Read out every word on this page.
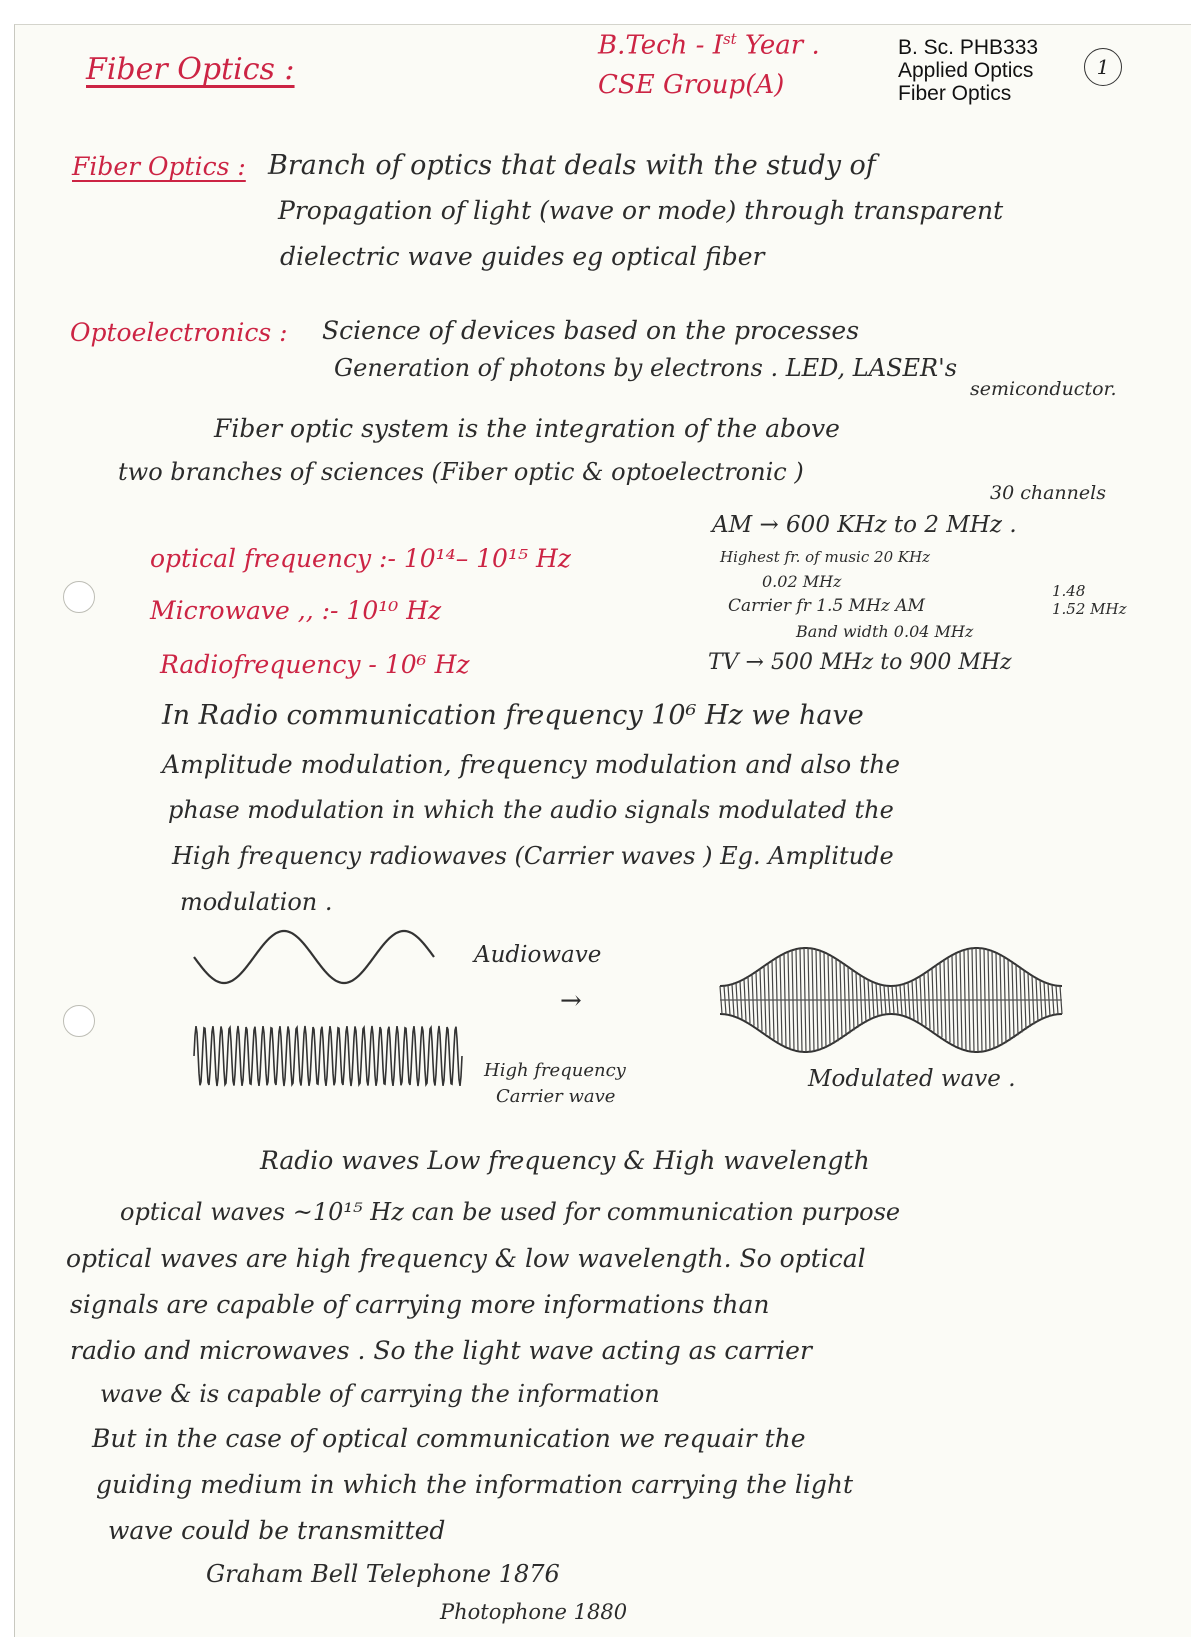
Fiber Optics :
B.Tech - Ist Year .
CSE Group(A)
B. Sc. PHB333
Applied Optics
Fiber Optics
1
Fiber Optics : Branch of optics that deals with the study of
Propagation of light (wave or mode) through transparent
dielectric wave guides eg optical fiber
Optoelectronics : Science of devices based on the processes
Generation of photons by electrons . LED, LASER's
semiconductor.
Fiber optic system is the integration of the above
two branches of sciences (Fiber optic & optoelectronic )
optical frequency :- 10¹⁴– 10¹⁵ Hz
Microwave ,, :- 10¹⁰ Hz
Radiofrequency - 10⁶ Hz
30 channels
AM → 600 KHz to 2 MHz .
Highest fr. of music 20 KHz
0.02 MHz
Carrier fr 1.5 MHz AM
1.48
1.52 MHz
Band width 0.04 MHz
TV → 500 MHz to 900 MHz
In Radio communication frequency 10⁶ Hz we have
Amplitude modulation, frequency modulation and also the
phase modulation in which the audio signals modulated the
High frequency radiowaves (Carrier waves ) Eg. Amplitude
modulation .
Audiowave
→
High frequency
Carrier wave
Modulated wave .
Radio waves Low frequency & High wavelength
optical waves ~10¹⁵ Hz can be used for communication purpose
optical waves are high frequency & low wavelength. So optical
signals are capable of carrying more informations than
radio and microwaves . So the light wave acting as carrier
wave & is capable of carrying the information
But in the case of optical communication we requair the
guiding medium in which the information carrying the light
wave could be transmitted
Graham Bell Telephone 1876
Photophone 1880
